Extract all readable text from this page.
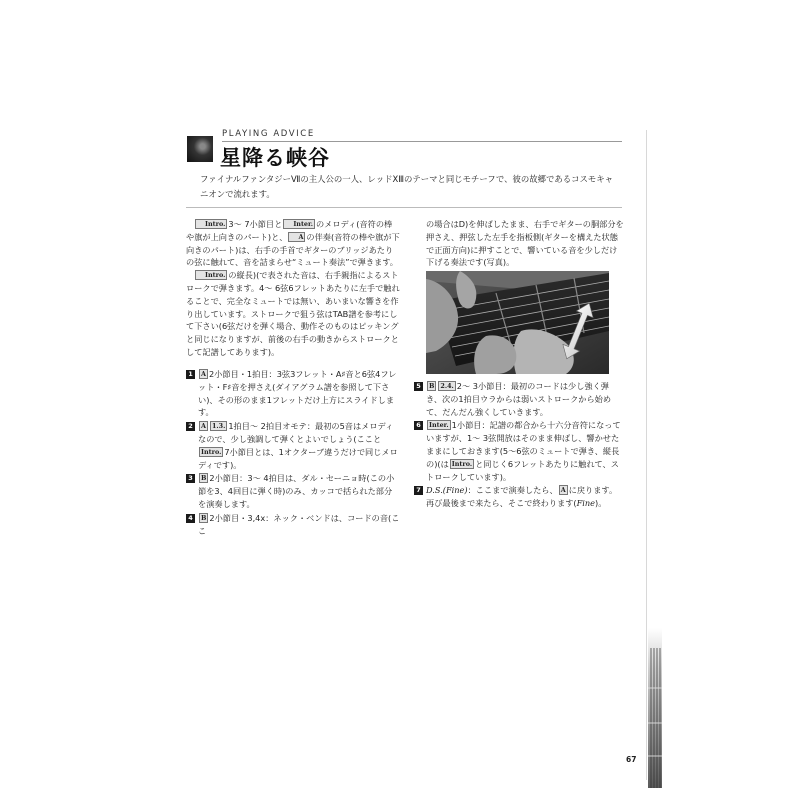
PLAYING ADVICE
星降る峡谷
ファイナルファンタジーⅦの主人公の一人、レッドⅩⅢのテーマと同じモチーフで、彼の故郷であるコスモキャニオンで流れます。

Intro. 3〜 7小節目と Inter. のメロディ(音符の棒や旗が上向きのパート)と、 A の伴奏(音符の棒や旗が下向きのパート)は、右手の手首でギターのブリッジあたりの弦に触れて、音を詰まらせ“ミュート奏法”で弾きます。

Intro. の縦長)(で表された音は、右手親指によるストロークで弾きます。4〜 6弦6フレットあたりに左手で触れることで、完全なミュートでは無い、あいまいな響きを作り出しています。ストロークで狙う弦はTAB譜を参考にして下さい(6弦だけを弾く場合、動作そのものはピッキングと同じになりますが、前後の右手の動きからストロークとして記譜してあります)。

1	A 2小節目・1拍目：3弦3フレット・A♯音と6弦4フレット・F♯音を押さえ(ダイアグラム譜を参照して下さい)、その形のまま1フレットだけ上方にスライドします。
2	A 1.3. 1拍目〜 2拍目オモテ：最初の5音はメロディなので、少し強調して弾くとよいでしょう(こことIntro. 7小節目とは、1オクターブ違うだけで同じメロディです)。
3	B 2小節目：3〜 4拍目は、ダル・セーニョ時(この小節を3、4回目に弾く時)のみ、カッコで括られた部分を演奏します。
4	B 2小節目・3,4x：ネック・ベンドは、コードの音(ここ

の場合はD)を伸ばしたまま、右手でギターの胴部分を押さえ、押弦した左手を指板側(ギターを構えた状態で正面方向)に押すことで、響いている音を少しだけ下げる奏法です(写真)。

5	B 2.4. 2〜 3小節目：最初のコードは少し強く弾き、次の1拍目ウラからは弱いストロークから始めて、だんだん強くしていきます。
6	Inter. 1小節目：記譜の都合から十六分音符になっていますが、1〜 3弦開放はそのまま伸ばし、響かせたままにしておきます(5〜6弦のミュートで弾き、縦長の)(は Intro. と同じく6フレットあたりに触れて、ストロークしています)。
7 D.S.(Fine)：ここまで演奏したら、 A に戻ります。再び最後まで来たら、そこで終わります(Fine)。
67
